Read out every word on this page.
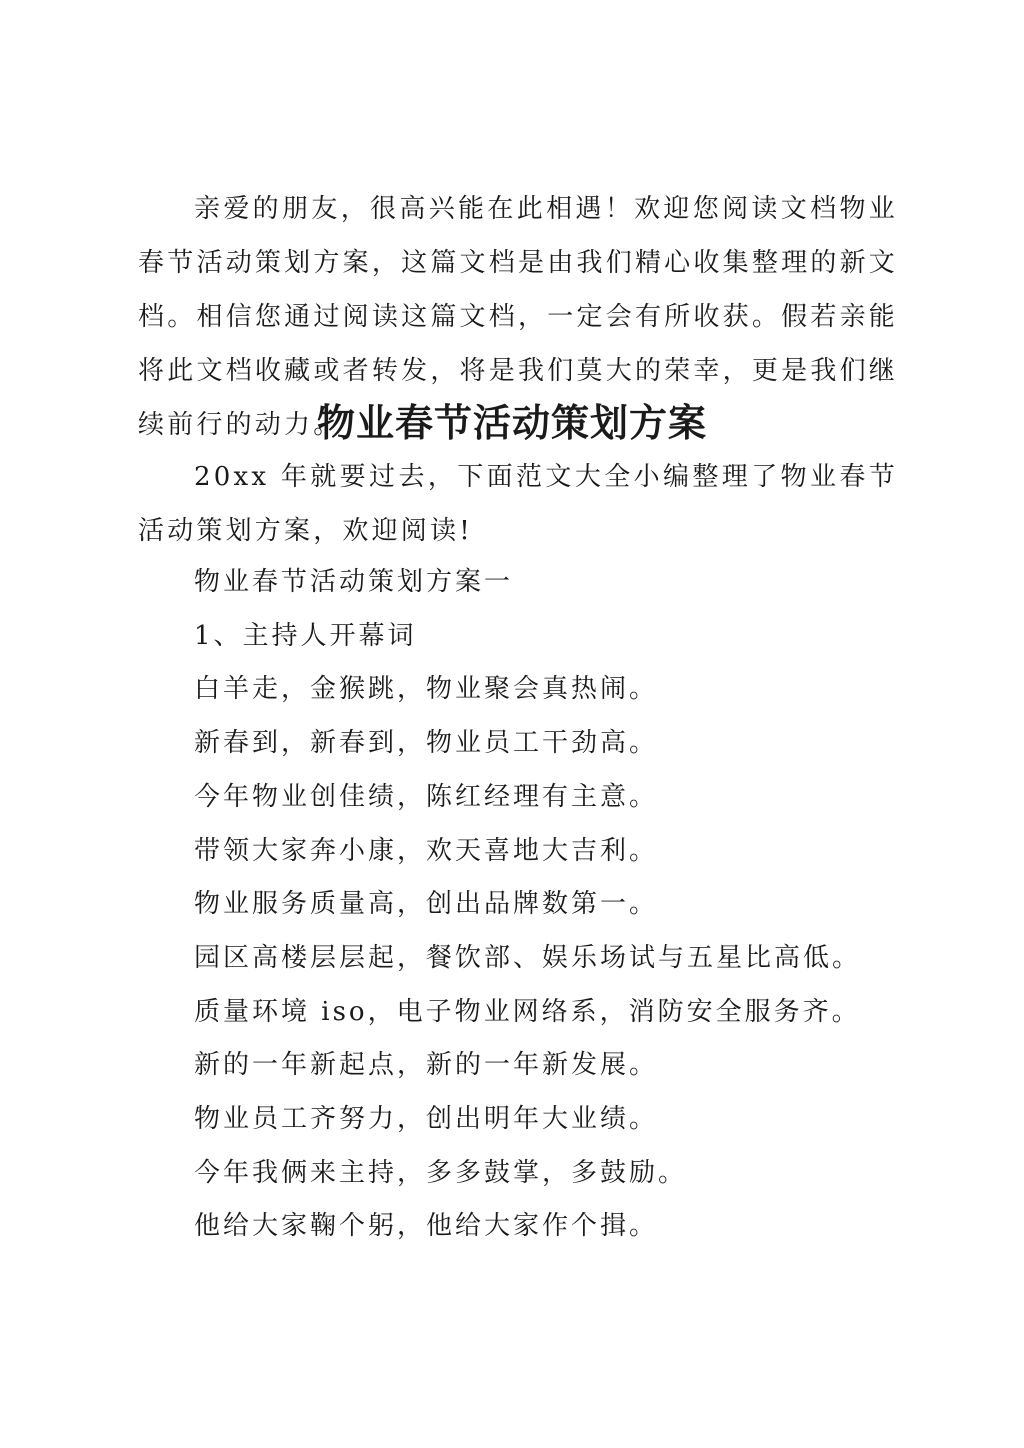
亲爱的朋友，很高兴能在此相遇！欢迎您阅读文档物业春节活动策划方案，这篇文档是由我们精心收集整理的新文档。相信您通过阅读这篇文档，一定会有所收获。假若亲能将此文档收藏或者转发，将是我们莫大的荣幸，更是我们继续前行的动力。

物业春节活动策划方案

20xx 年就要过去，下面范文大全小编整理了物业春节活动策划方案，欢迎阅读!

物业春节活动策划方案一
1、主持人开幕词
白羊走，金猴跳，物业聚会真热闹。
新春到，新春到，物业员工干劲高。
今年物业创佳绩，陈红经理有主意。
带领大家奔小康，欢天喜地大吉利。
物业服务质量高，创出品牌数第一。
园区高楼层层起，餐饮部、娱乐场试与五星比高低。
质量环境 iso，电子物业网络系，消防安全服务齐。
新的一年新起点，新的一年新发展。
物业员工齐努力，创出明年大业绩。
今年我俩来主持，多多鼓掌，多鼓励。
他给大家鞠个躬，他给大家作个揖。
